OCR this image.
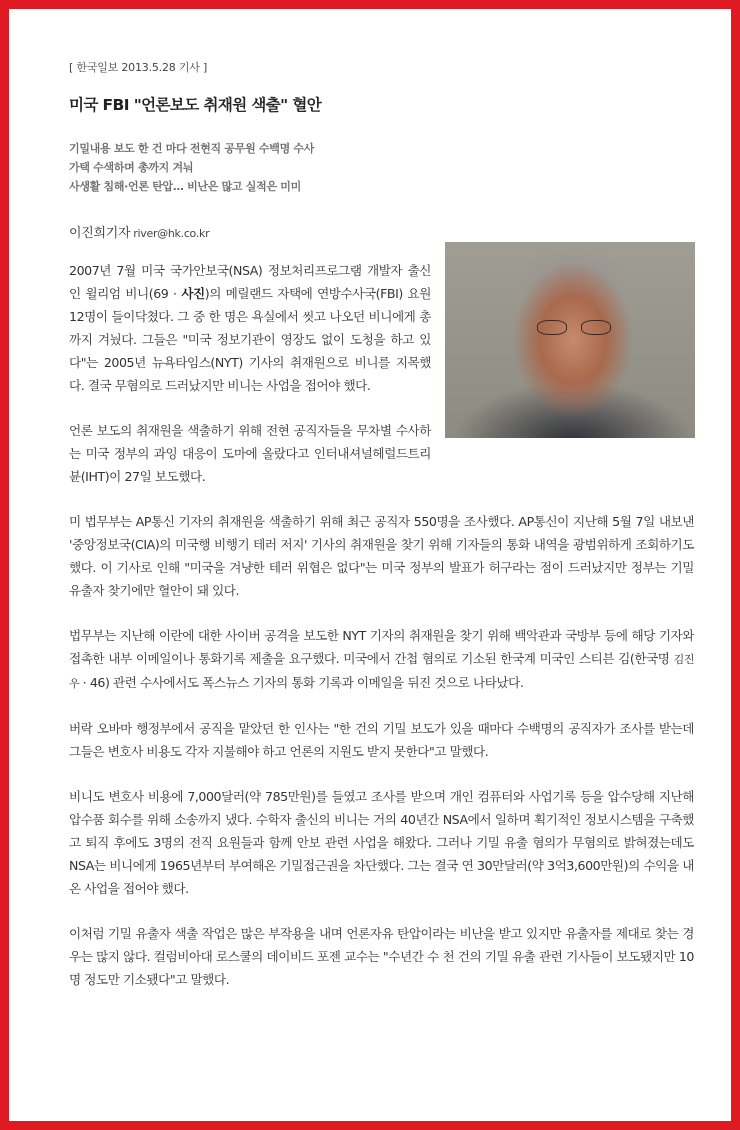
[ 한국일보 2013.5.28 기사 ]
미국 FBI "언론보도 취재원 색출" 혈안
기밀내용 보도 한 건 마다 전현직 공무원 수백명 수사
가택 수색하며 총까지 겨눠
사생활 침해·언론 탄압… 비난은 많고 실적은 미미
이진희기자 river@hk.co.kr

2007년 7월 미국 국가안보국(NSA) 정보처리프로그램 개발자 출신인 윌리엄 비니(69 · 사진)의 메릴랜드 자택에 연방수사국(FBI) 요원 12명이 들이닥쳤다. 그 중 한 명은 욕실에서 씻고 나오던 비니에게 총까지 겨눴다. 그들은 "미국 정보기관이 영장도 없이 도청을 하고 있다"는 2005년 뉴욕타임스(NYT) 기사의 취재원으로 비니를 지목했다. 결국 무혐의로 드러났지만 비니는 사업을 접어야 했다.

언론 보도의 취재원을 색출하기 위해 전현 공직자들을 무차별 수사하는 미국 정부의 과잉 대응이 도마에 올랐다고 인터내셔널헤럴드트리뷴(IHT)이 27일 보도했다.

미 법무부는 AP통신 기자의 취재원을 색출하기 위해 최근 공직자 550명을 조사했다. AP통신이 지난해 5월 7일 내보낸 '중앙정보국(CIA)의 미국행 비행기 테러 저지' 기사의 취재원을 찾기 위해 기자들의 통화 내역을 광범위하게 조회하기도 했다. 이 기사로 인해 "미국을 겨냥한 테러 위협은 없다"는 미국 정부의 발표가 허구라는 점이 드러났지만 정부는 기밀 유출자 찾기에만 혈안이 돼 있다.

법무부는 지난해 이란에 대한 사이버 공격을 보도한 NYT 기자의 취재원을 찾기 위해 백악관과 국방부 등에 해당 기자와 접촉한 내부 이메일이나 통화기록 제출을 요구했다. 미국에서 간첩 혐의로 기소된 한국계 미국인 스티븐 김(한국명 김진우 · 46) 관련 수사에서도 폭스뉴스 기자의 통화 기록과 이메일을 뒤진 것으로 나타났다.

버락 오바마 행정부에서 공직을 맡았던 한 인사는 "한 건의 기밀 보도가 있을 때마다 수백명의 공직자가 조사를 받는데 그들은 변호사 비용도 각자 지불해야 하고 언론의 지원도 받지 못한다"고 말했다.

비니도 변호사 비용에 7,000달러(약 785만원)를 들였고 조사를 받으며 개인 컴퓨터와 사업기록 등을 압수당해 지난해 압수품 회수를 위해 소송까지 냈다. 수학자 출신의 비니는 거의 40년간 NSA에서 일하며 획기적인 정보시스템을 구축했고 퇴직 후에도 3명의 전직 요원들과 함께 안보 관련 사업을 해왔다. 그러나 기밀 유출 혐의가 무혐의로 밝혀졌는데도 NSA는 비니에게 1965년부터 부여해온 기밀접근권을 차단했다. 그는 결국 연 30만달러(약 3억3,600만원)의 수익을 내온 사업을 접어야 했다.

이처럼 기밀 유출자 색출 작업은 많은 부작용을 내며 언론자유 탄압이라는 비난을 받고 있지만 유출자를 제대로 찾는 경우는 많지 않다. 컬럼비아대 로스쿨의 데이비드 포젠 교수는 "수년간 수 천 건의 기밀 유출 관련 기사들이 보도됐지만 10명 정도만 기소됐다"고 말했다.
